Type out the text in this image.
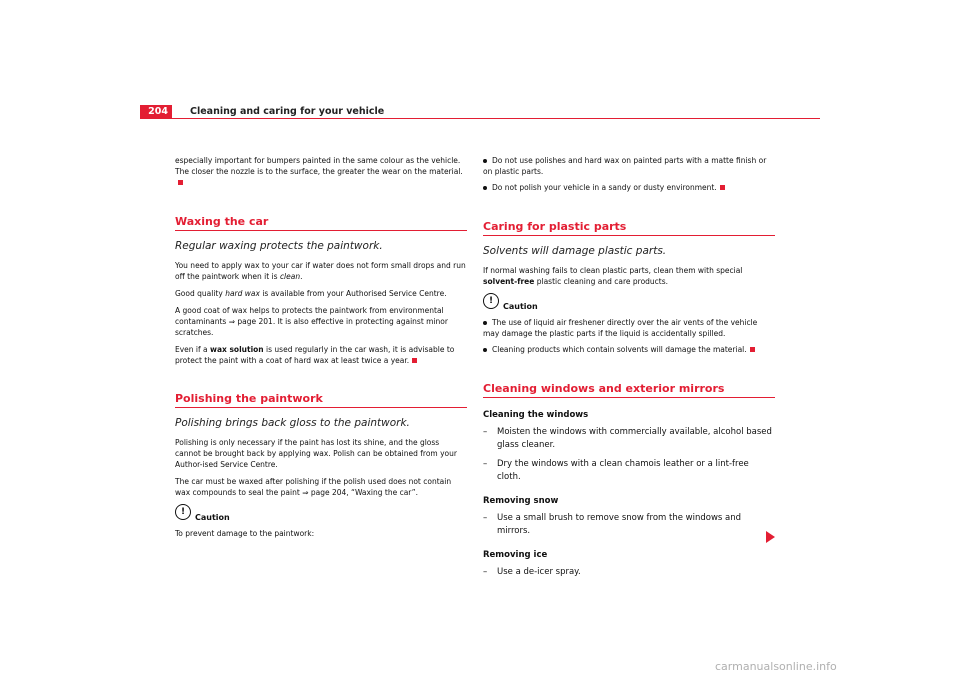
204	Cleaning and caring for your vehicle

especially important for bumpers painted in the same colour as the vehicle. The closer the nozzle is to the surface, the greater the wear on the material.

Waxing the car
Regular waxing protects the paintwork.

You need to apply wax to your car if water does not form small drops and run off the paintwork when it is clean.

Good quality hard wax is available from your Authorised Service Centre.

A good coat of wax helps to protects the paintwork from environmental contaminants ⇒ page 201. It is also effective in protecting against minor scratches.

Even if a wax solution is used regularly in the car wash, it is advisable to protect the paint with a coat of hard wax at least twice a year.

Polishing the paintwork
Polishing brings back gloss to the paintwork.

Polishing is only necessary if the paint has lost its shine, and the gloss cannot be brought back by applying wax. Polish can be obtained from your Author-ised Service Centre.

The car must be waxed after polishing if the polish used does not contain wax compounds to seal the paint ⇒ page 204, “Waxing the car”.

!
Caution

To prevent damage to the paintwork:

Do not use polishes and hard wax on painted parts with a matte finish or on plastic parts.
Do not polish your vehicle in a sandy or dusty environment.
Caring for plastic parts
Solvents will damage plastic parts.

If normal washing fails to clean plastic parts, clean them with special solvent-free plastic cleaning and care products.

!
Caution
The use of liquid air freshener directly over the air vents of the vehicle may damage the plastic parts if the liquid is accidentally spilled.
Cleaning products which contain solvents will damage the material.
Cleaning windows and exterior mirrors
Cleaning the windows
–	Moisten the windows with commercially available, alcohol based glass cleaner.
–	Dry the windows with a clean chamois leather or a lint-free cloth.
Removing snow
–	Use a small brush to remove snow from the windows and mirrors.
Removing ice
–	Use a de-icer spray.
carmanualsonline.info
